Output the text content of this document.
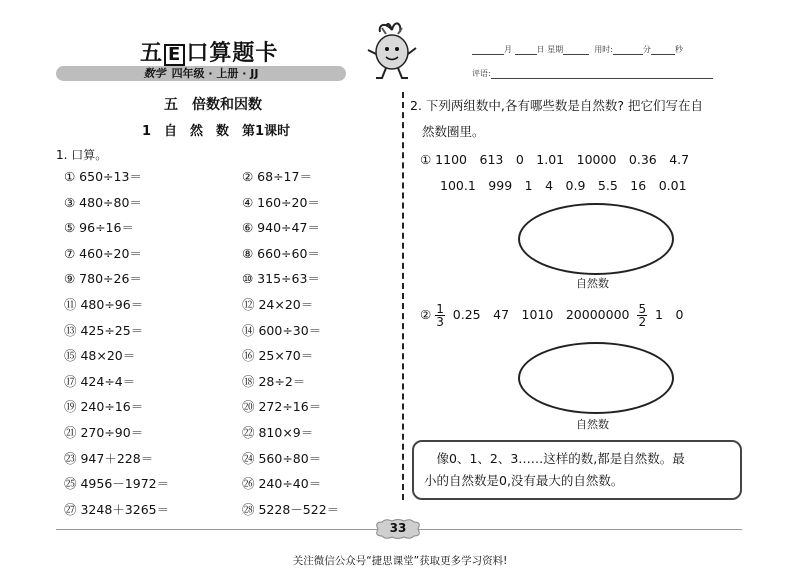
五 E 口算题卡
数学 四年级 · 上册 · JJ
月	日 星期	用时:	分	秒
评语:
五　倍数和因数
1　自　然　数　第1课时
1. 口算。
① 650÷13＝
③ 480÷80＝
⑤ 96÷16＝
⑦ 460÷20＝
⑨ 780÷26＝
⑪ 480÷96＝
⑬ 425÷25＝
⑮ 48×20＝
⑰ 424÷4＝
⑲ 240÷16＝
㉑ 270÷90＝
㉓ 947＋228＝
㉕ 4956－1972＝
㉗ 3248＋3265＝
② 68÷17＝
④ 160÷20＝
⑥ 940÷47＝
⑧ 660÷60＝
⑩ 315÷63＝
⑫ 24×20＝
⑭ 600÷30＝
⑯ 25×70＝
⑱ 28÷2＝
⑳ 272÷16＝
㉒ 810×9＝
㉔ 560÷80＝
㉖ 240÷40＝
㉘ 5228－522＝
2. 下列两组数中,各有哪些数是自然数? 把它们写在自
然数圈里。
① 1100　613　0　1.01　10000　0.36　4.7
100.1　999　1　4　0.9　5.5　16　0.01
自然数
② $\frac{1}{3} 0.25$　47　1010　$20000000 \frac{5}{2} 1$　0
自然数
　像0、1、2、3……这样的数,都是自然数。最
小的自然数是0,没有最大的自然数。
33
关注微信公众号“捷思课堂”获取更多学习资料!
